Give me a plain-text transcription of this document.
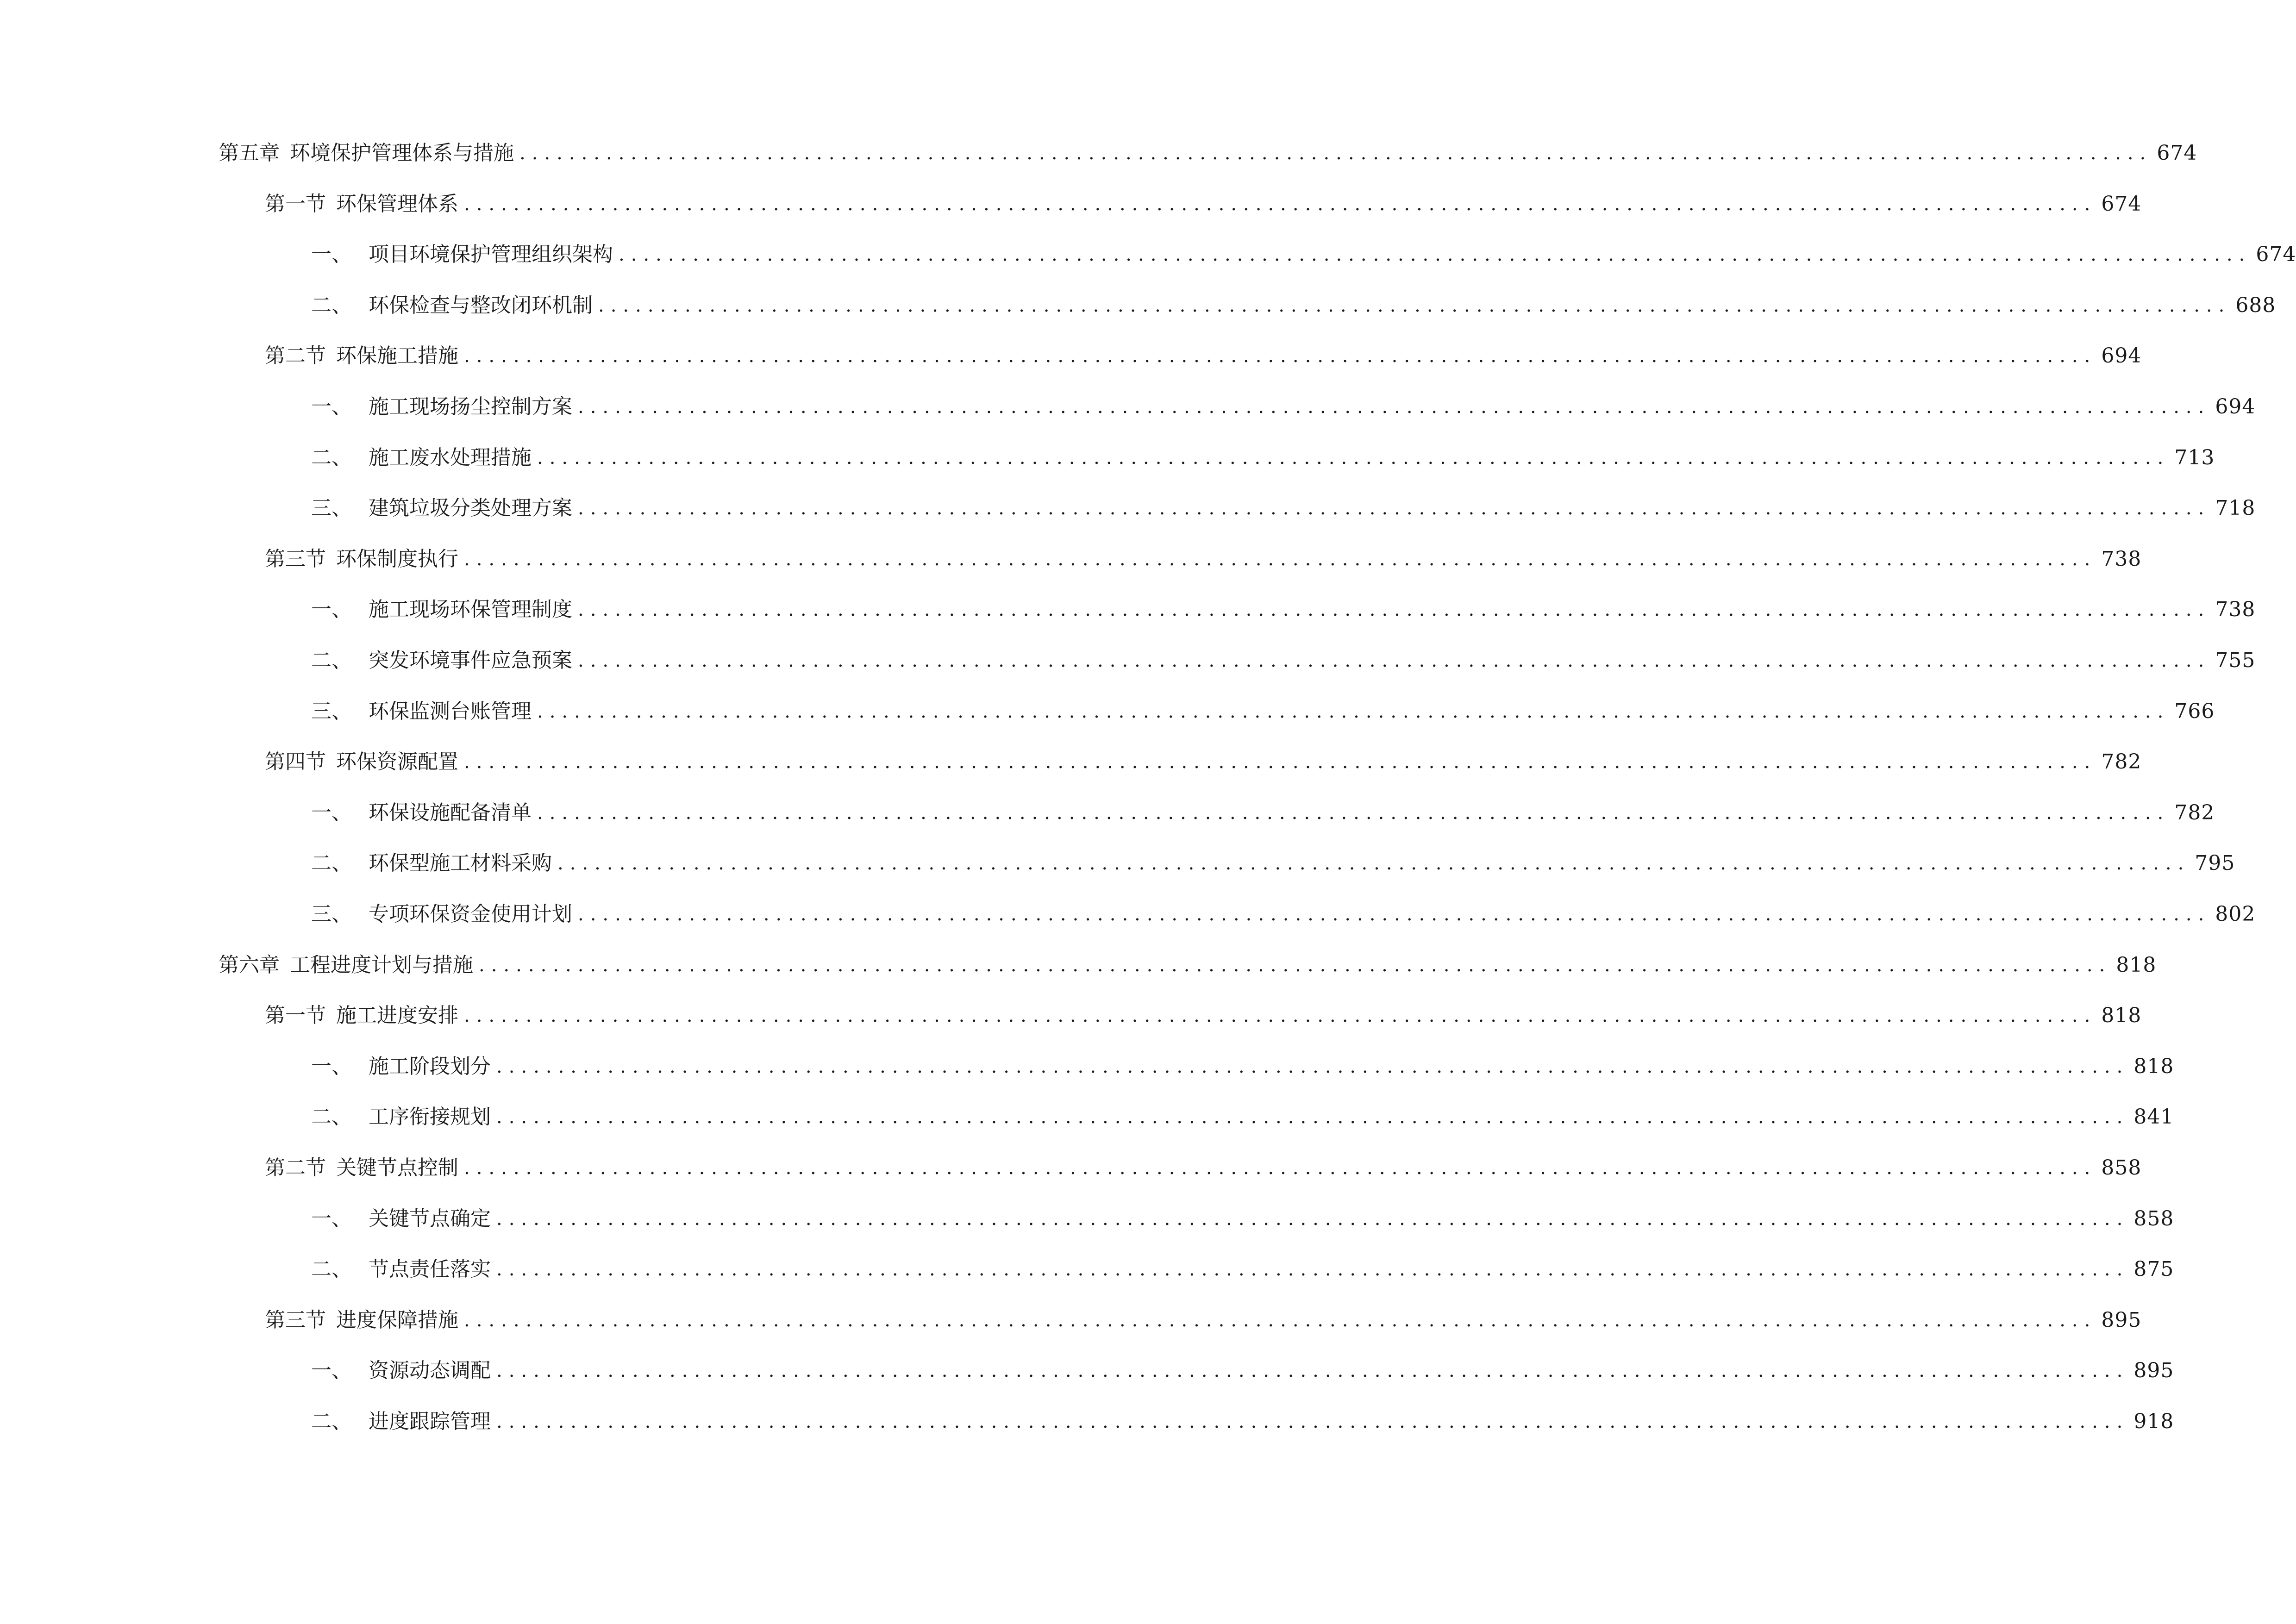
第五章 环境保护管理体系与措施 .................................................................................................................................... 674
第一节 环保管理体系 .................................................................................................................................... 674
一、 项目环境保护管理组织架构 .................................................................................................................................... 674
二、 环保检查与整改闭环机制 .................................................................................................................................... 688
第二节 环保施工措施 .................................................................................................................................... 694
一、 施工现场扬尘控制方案 .................................................................................................................................... 694
二、 施工废水处理措施 .................................................................................................................................... 713
三、 建筑垃圾分类处理方案 .................................................................................................................................... 718
第三节 环保制度执行 .................................................................................................................................... 738
一、 施工现场环保管理制度 .................................................................................................................................... 738
二、 突发环境事件应急预案 .................................................................................................................................... 755
三、 环保监测台账管理 .................................................................................................................................... 766
第四节 环保资源配置 .................................................................................................................................... 782
一、 环保设施配备清单 .................................................................................................................................... 782
二、 环保型施工材料采购 .................................................................................................................................... 795
三、 专项环保资金使用计划 .................................................................................................................................... 802
第六章 工程进度计划与措施 .................................................................................................................................... 818
第一节 施工进度安排 .................................................................................................................................... 818
一、 施工阶段划分 .................................................................................................................................... 818
二、 工序衔接规划 .................................................................................................................................... 841
第二节 关键节点控制 .................................................................................................................................... 858
一、 关键节点确定 .................................................................................................................................... 858
二、 节点责任落实 .................................................................................................................................... 875
第三节 进度保障措施 .................................................................................................................................... 895
一、 资源动态调配 .................................................................................................................................... 895
二、 进度跟踪管理 .................................................................................................................................... 918
